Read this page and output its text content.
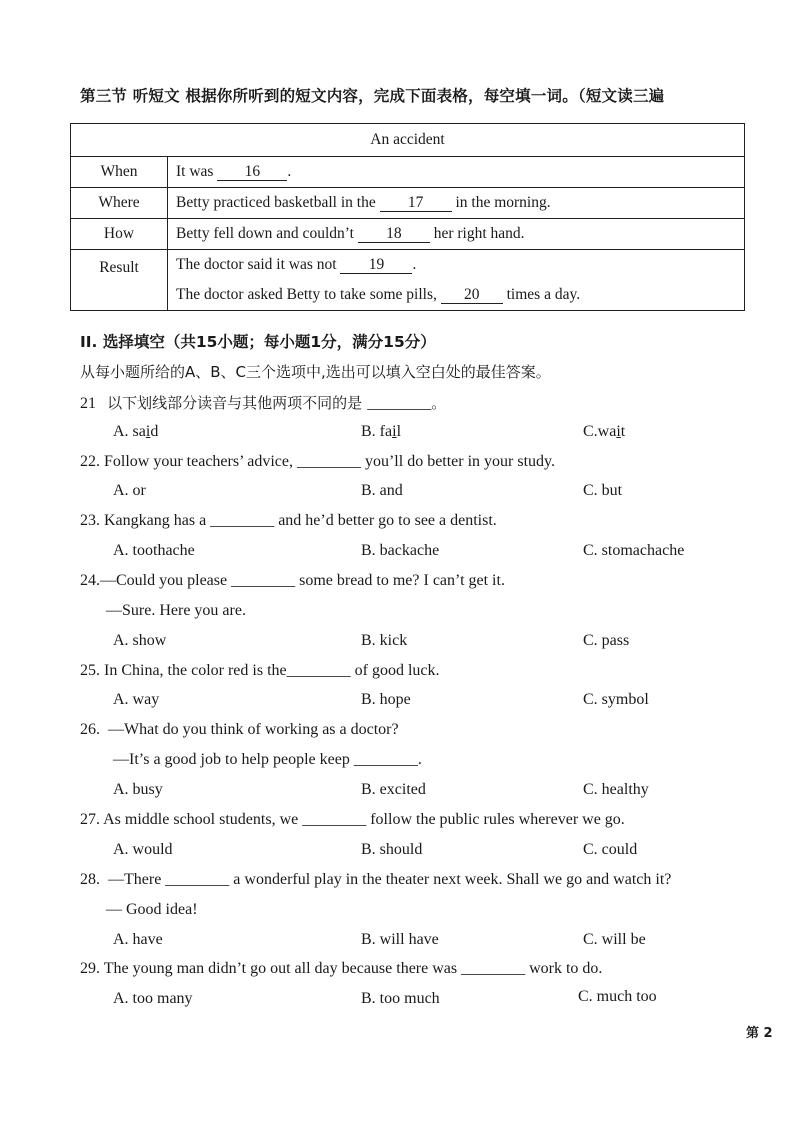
第三节 听短文 根据你所听到的短文内容，完成下面表格，每空填一词。（短文读三遍
An accident	
When	It was 16 .
Where	Betty practiced basketball in the 17 in the morning.
How	Betty fell down and couldn’t 18 her right hand.
Result	The doctor said it was not 19 .
The doctor asked Betty to take some pills, 20 times a day.
II. 选择填空（共15小题；每小题1分，满分15分）
从每小题所给的A、B、C三个选项中,选出可以填入空白处的最佳答案。
21 以下划线部分读音与其他两项不同的是 ________。
A. said	B. fail	C.wait
22. Follow your teachers’ advice, ________ you’ll do better in your study.
A. or	B. and	C. but
23. Kangkang has a ________ and he’d better go to see a dentist.
A. toothache	B. backache	C. stomachache
24.—Could you please ________ some bread to me? I can’t get it.
—Sure. Here you are.
A. show	B. kick	C. pass
25. In China, the color red is the________ of good luck.
A. way	B. hope	C. symbol
26. —What do you think of working as a doctor?
—It’s a good job to help people keep ________.
A. busy	B. excited	C. healthy
27. As middle school students, we ________ follow the public rules wherever we go.
A. would	B. should	C. could
28. —There ________ a wonderful play in the theater next week. Shall we go and watch it?
— Good idea!
A. have	B. will have	C. will be
29. The young man didn’t go out all day because there was ________ work to do.
A. too many	B. too much	C. much too
第 2
